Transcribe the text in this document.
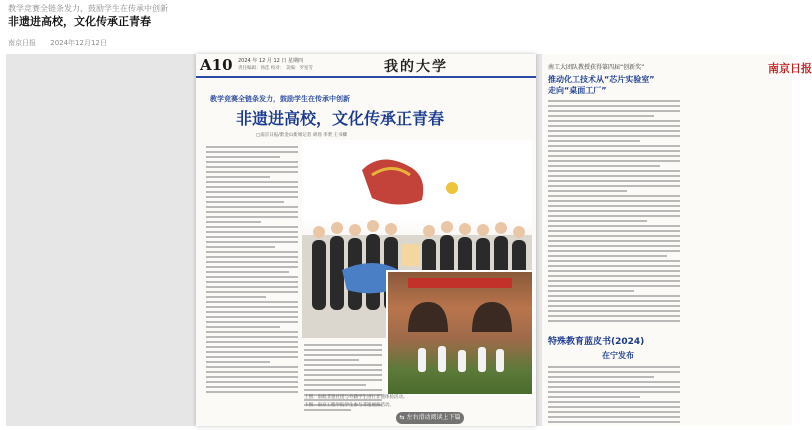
教学竞赛全链条发力，鼓励学生在传承中创新
非遗进高校，文化传承正青春
南京日报 2024年12月12日
A10 2024 年 12 月 12 日 星期四
责任编辑：汤佳 校对： 美编：罗星雪	我的大学
教学竞赛全链条发力，鼓励学生在传承中创新
非遗进高校，文化传承正青春
□南京日报/紫金山新闻记者 胡瑶 李贤 王书卿
上图：南航非遗社团与外籍学生进行非遗体验活动。
下图：南京工程学院学生参与非遗展演活动。
南工大团队教授获得第四届“创新奖”	南京日报
推动化工技术从“芯片实验室”
走向“桌面工厂”
特殊教育蓝皮书(2024)
在宁发布
⇆ 左右滑动阅读上下篇
